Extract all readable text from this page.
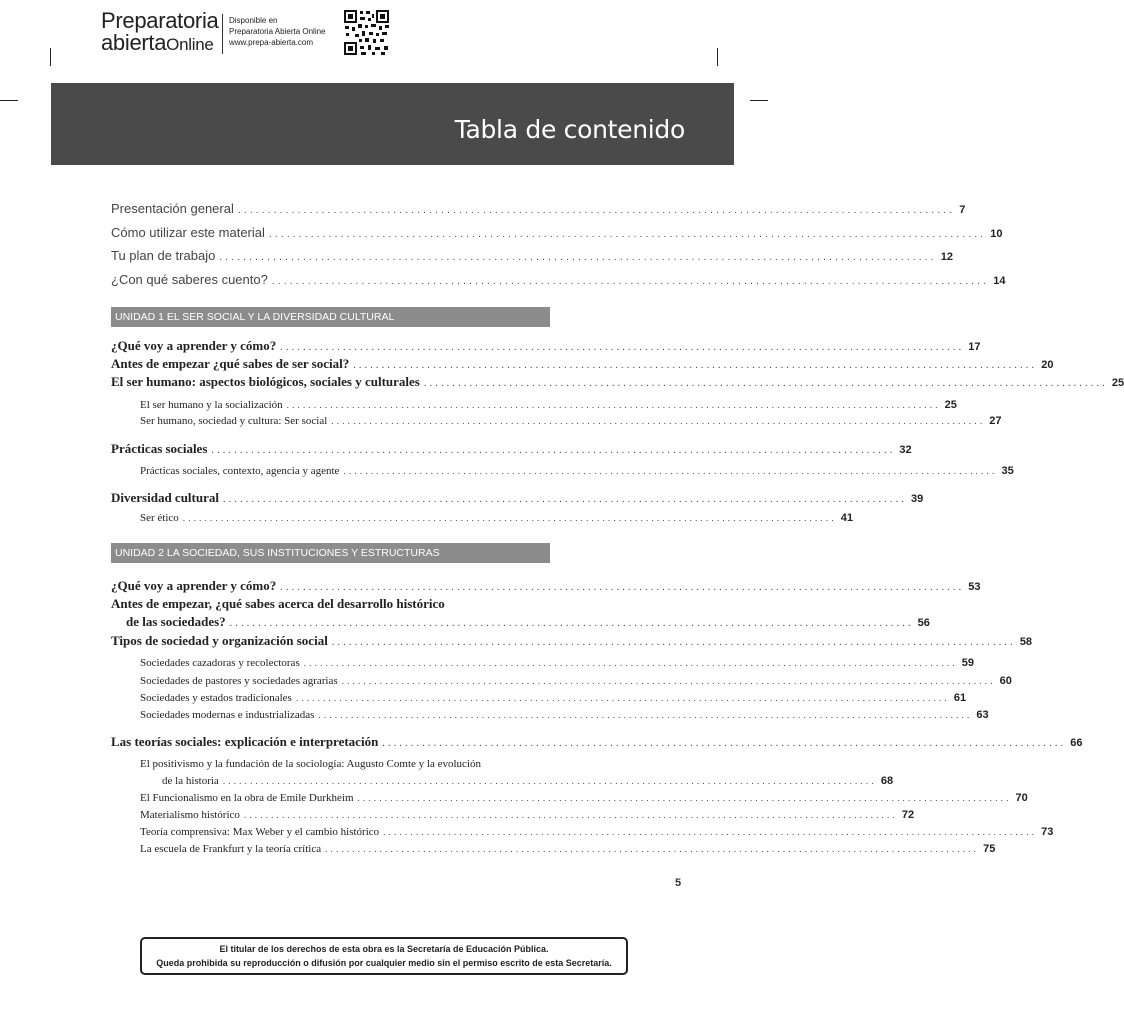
Preparatoria
abiertaOnline
Disponible en
Preparatoria Abierta Online
www.prepa-abierta.com
Tabla de contenido
Presentación general ........................................................................................................................ 7
Cómo utilizar este material ........................................................................................................................ 10
Tu plan de trabajo ........................................................................................................................ 12
¿Con qué saberes cuento? ........................................................................................................................ 14
UNIDAD 1 EL SER SOCIAL Y LA DIVERSIDAD CULTURAL
¿Qué voy a aprender y cómo? ........................................................................................................................ 17
Antes de empezar ¿qué sabes de ser social? ........................................................................................................................ 20
El ser humano: aspectos biológicos, sociales y culturales ........................................................................................................................ 25
El ser humano y la socialización ........................................................................................................................ 25
Ser humano, sociedad y cultura: Ser social ........................................................................................................................ 27
Prácticas sociales ........................................................................................................................ 32
Prácticas sociales, contexto, agencia y agente ........................................................................................................................ 35
Diversidad cultural ........................................................................................................................ 39
Ser ético ........................................................................................................................ 41
UNIDAD 2 LA SOCIEDAD, SUS INSTITUCIONES Y ESTRUCTURAS
¿Qué voy a aprender y cómo? ........................................................................................................................ 53
Antes de empezar, ¿qué sabes acerca del desarrollo histórico
de las sociedades? ........................................................................................................................ 56
Tipos de sociedad y organización social ........................................................................................................................ 58
Sociedades cazadoras y recolectoras ........................................................................................................................ 59
Sociedades de pastores y sociedades agrarias ........................................................................................................................ 60
Sociedades y estados tradicionales ........................................................................................................................ 61
Sociedades modernas e industrializadas ........................................................................................................................ 63
Las teorías sociales: explicación e interpretación ........................................................................................................................ 66
El positivismo y la fundación de la sociología: Augusto Comte y la evolución
de la historia ........................................................................................................................ 68
El Funcionalismo en la obra de Emile Durkheim ........................................................................................................................ 70
Materialismo histórico ........................................................................................................................ 72
Teoría comprensiva: Max Weber y el cambio histórico ........................................................................................................................ 73
La escuela de Frankfurt y la teoría crítica ........................................................................................................................ 75
5
El titular de los derechos de esta obra es la Secretaría de Educación Pública.
Queda prohibida su reproducción o difusión por cualquier medio sin el permiso escrito de esta Secretaría.
